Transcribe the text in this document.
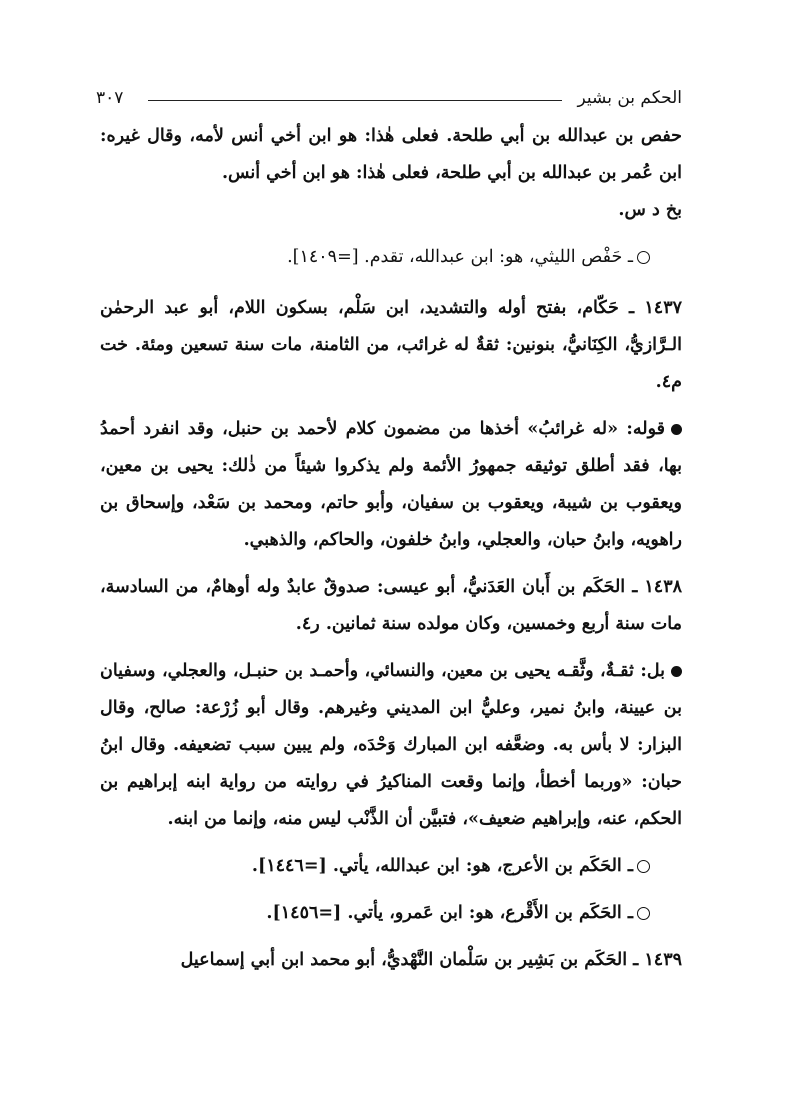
الحكم بن بشير
٣٠٧

حفص بن عبدالله بن أبي طلحة. فعلى هٰذا: هو ابن أخي أنس لأمه، وقال غيره: ابن عُمر بن عبدالله بن أبي طلحة، فعلى هٰذا: هو ابن أخي أنس.
بخ د س.

ـ حَفْص الليثي، هو: ابن عبدالله، تقدم. [=١٤٠٩].

١٤٣٧ ـ حَكّام، بفتح أوله والتشديد، ابن سَلْم، بسكون اللام، أبو عبد الرحمٰن الـرَّازيُّ، الكِنَانيُّ، بنونين: ثقةٌ له غرائب، من الثامنة، مات سنة تسعين ومئة. خت م٤.

قوله: «له غرائبُ» أخذها من مضمون كلام لأحمد بن حنبل، وقد انفرد أحمدُ بها، فقد أطلق توثيقه جمهورُ الأئمة ولم يذكروا شيئاً من ذٰلك: يحيى بن معين، ويعقوب بن شيبة، ويعقوب بن سفيان، وأبو حاتم، ومحمد بن سَعْد، وإسحاق بن راهويه، وابنُ حبان، والعجلي، وابنُ خلفون، والحاكم، والذهبي.

١٤٣٨ ـ الحَكَم بن أَبان العَدَنيُّ، أبو عيسى: صدوقٌ عابدٌ وله أوهامٌ، من السادسة، مات سنة أربع وخمسين، وكان مولده سنة ثمانين. ر٤.

بل: ثقـةٌ، وثَّقـه يحيى بن معين، والنسائي، وأحمـد بن حنبـل، والعجلي، وسفيان بن عيينة، وابنُ نمير، وعليُّ ابن المديني وغيرهم. وقال أبو زُرْعة: صالح، وقال البزار: لا بأس به. وضعَّفه ابن المبارك وَحْدَه، ولم يبين سبب تضعيفه. وقال ابنُ حبان: «وربما أخطأ، وإنما وقعت المناكيرُ في روايته من رواية ابنه إبراهيم بن الحكم، عنه، وإبراهيم ضعيف»، فتبيَّن أن الذَّنْب ليس منه، وإنما من ابنه.

ـ الحَكَم بن الأعرج، هو: ابن عبدالله، يأتي. [=١٤٤٦].

ـ الحَكَم بن الأَقْرع، هو: ابن عَمرو، يأتي. [=١٤٥٦].

١٤٣٩ ـ الحَكَم بن بَشِير بن سَلْمان النَّهْديُّ، أبو محمد ابن أبي إسماعيل
